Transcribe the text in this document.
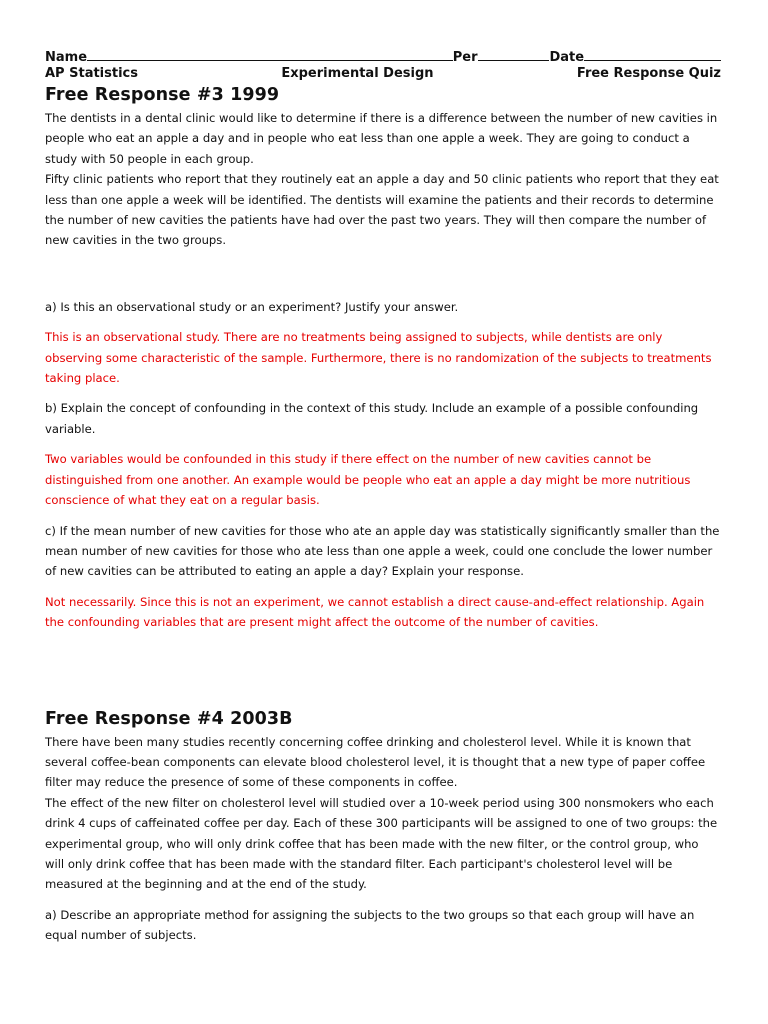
Name	Per	Date
AP Statistics	Experimental Design	Free Response Quiz
Free Response #3 1999

The dentists in a dental clinic would like to determine if there is a difference between the number of new cavities in people who eat an apple a day and in people who eat less than one apple a week. They are going to conduct a study with 50 people in each group.

Fifty clinic patients who report that they routinely eat an apple a day and 50 clinic patients who report that they eat less than one apple a week will be identified. The dentists will examine the patients and their records to determine the number of new cavities the patients have had over the past two years. They will then compare the number of new cavities in the two groups.

a) Is this an observational study or an experiment? Justify your answer.

This is an observational study. There are no treatments being assigned to subjects, while dentists are only observing some characteristic of the sample. Furthermore, there is no randomization of the subjects to treatments taking place.

b) Explain the concept of confounding in the context of this study. Include an example of a possible confounding variable.

Two variables would be confounded in this study if there effect on the number of new cavities cannot be distinguished from one another. An example would be people who eat an apple a day might be more nutritious conscience of what they eat on a regular basis.

c) If the mean number of new cavities for those who ate an apple day was statistically significantly smaller than the mean number of new cavities for those who ate less than one apple a week, could one conclude the lower number of new cavities can be attributed to eating an apple a day? Explain your response.

Not necessarily. Since this is not an experiment, we cannot establish a direct cause-and-effect relationship. Again the confounding variables that are present might affect the outcome of the number of cavities.

Free Response #4 2003B

There have been many studies recently concerning coffee drinking and cholesterol level. While it is known that several coffee-bean components can elevate blood cholesterol level, it is thought that a new type of paper coffee filter may reduce the presence of some of these components in coffee.

The effect of the new filter on cholesterol level will studied over a 10-week period using 300 nonsmokers who each drink 4 cups of caffeinated coffee per day. Each of these 300 participants will be assigned to one of two groups: the experimental group, who will only drink coffee that has been made with the new filter, or the control group, who will only drink coffee that has been made with the standard filter. Each participant's cholesterol level will be measured at the beginning and at the end of the study.

a) Describe an appropriate method for assigning the subjects to the two groups so that each group will have an equal number of subjects.
